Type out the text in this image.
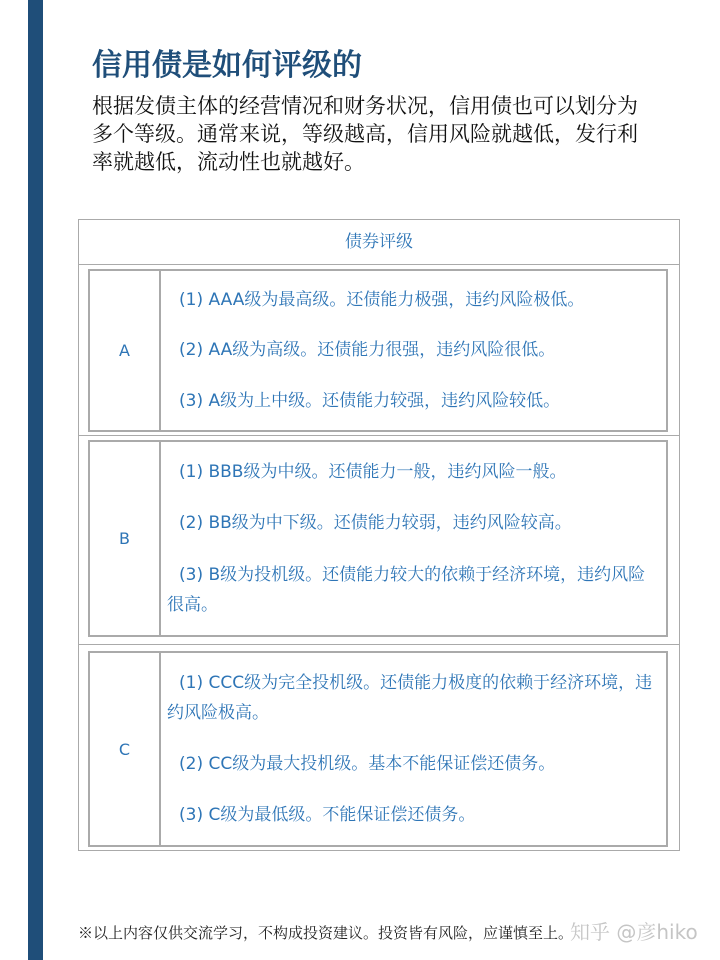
信用债是如何评级的
根据发债主体的经营情况和财务状况，信用债也可以划分为多个等级。通常来说，等级越高，信用风险就越低，发行利率就越低，流动性也就越好。
债券评级
A
(1) AAA级为最高级。还债能力极强，违约风险极低。
(2) AA级为高级。还债能力很强，违约风险很低。
(3) A级为上中级。还债能力较强，违约风险较低。
B
(1) BBB级为中级。还债能力一般，违约风险一般。
(2) BB级为中下级。还债能力较弱，违约风险较高。
(3) B级为投机级。还债能力较大的依赖于经济环境，违约风险很高。
C
(1) CCC级为完全投机级。还债能力极度的依赖于经济环境，违约风险极高。
(2) CC级为最大投机级。基本不能保证偿还债务。
(3) C级为最低级。不能保证偿还债务。
※以上内容仅供交流学习，不构成投资建议。投资皆有风险，应谨慎至上。
知乎 @彦hiko
